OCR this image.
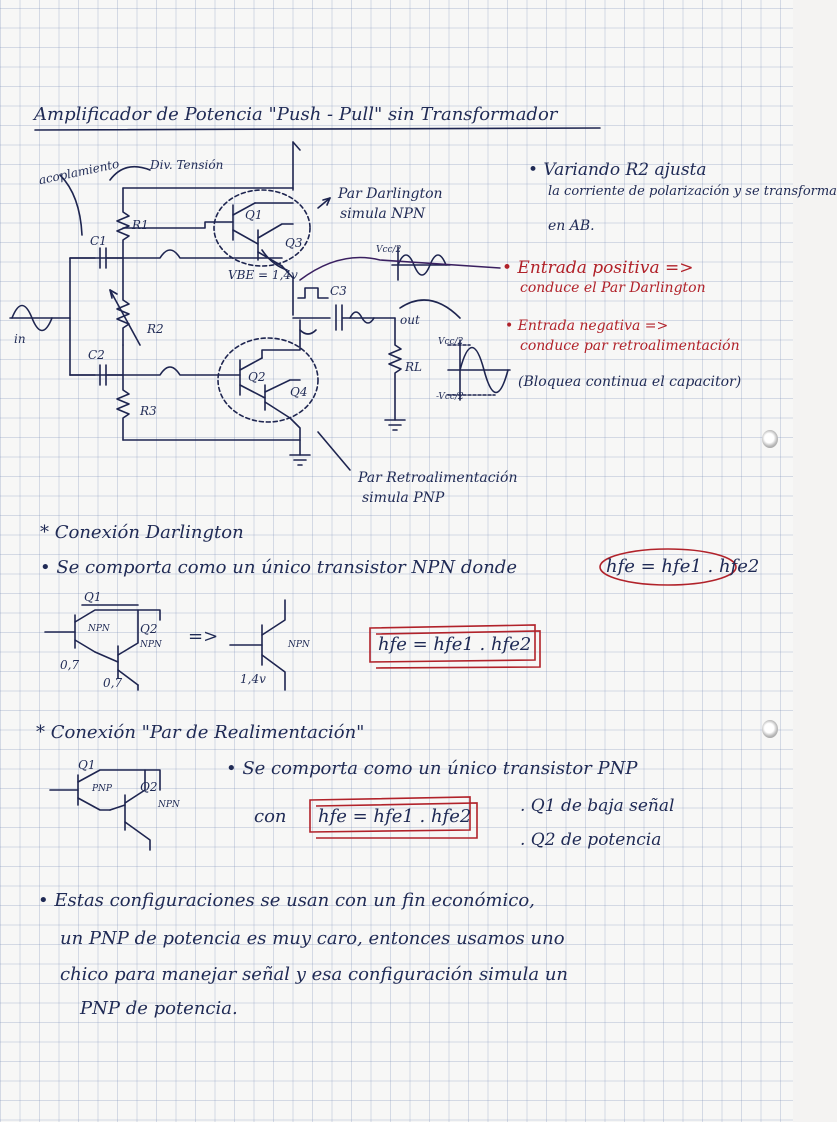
Amplificador de Potencia "Push - Pull" sin Transformador
acoplamiento Div. Tensión
R1
R2
R3
C1
C2
C3
Q1
Q3
Q2
Q4
RL
VBE = 1,4v
in
out
Vcc/2
Vcc/2
-Vcc/2
Par Darlington
simula NPN
Par Retroalimentación
simula PNP
• Variando R2 ajusta
la corriente de polarización y se transforma
en AB.
• Entrada positiva =>
conduce el Par Darlington
• Entrada negativa =>
conduce par retroalimentación
(Bloquea continua el capacitor)
* Conexión Darlington
• Se comporta como un único transistor NPN donde	hfe = hfe1 . hfe2
Q1
Q2
NPN
NPN	NPN
0,7
0,7	1,4v
=>	hfe = hfe1 . hfe2
* Conexión "Par de Realimentación"
• Se comporta como un único transistor PNP
con hfe = hfe1 . hfe2
Q1
Q2
PNP
NPN	. Q1 de baja señal
. Q2 de potencia
• Estas configuraciones se usan con un fin económico,
un PNP de potencia es muy caro, entonces usamos uno
chico para manejar señal y esa configuración simula un
PNP de potencia.
